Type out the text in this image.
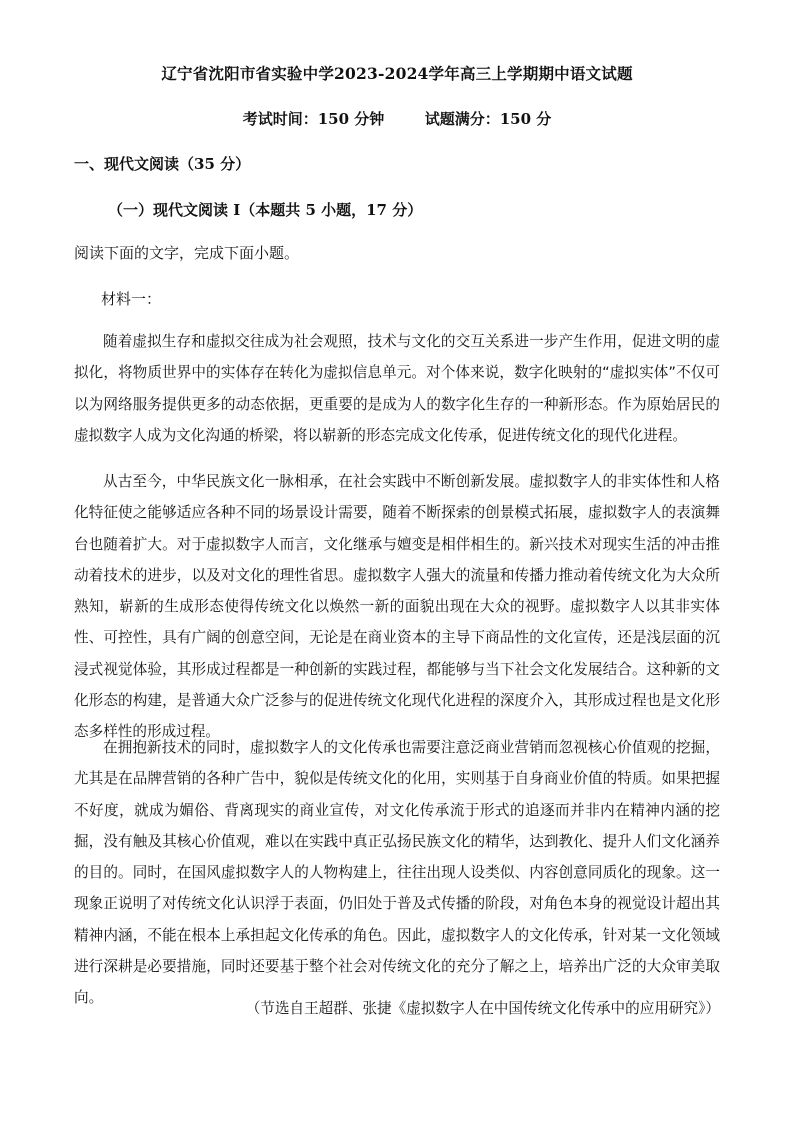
辽宁省沈阳市省实验中学2023-2024学年高三上学期期中语文试题
考试时间：150 分钟	试题满分：150 分
一、现代文阅读（35 分）
（一）现代文阅读 I（本题共 5 小题，17 分）
阅读下面的文字，完成下面小题。
材料一：

随着虚拟生存和虚拟交往成为社会观照，技术与文化的交互关系进一步产生作用，促进文明的虚拟化，将物质世界中的实体存在转化为虚拟信息单元。对个体来说，数字化映射的“虚拟实体”不仅可以为网络服务提供更多的动态依据，更重要的是成为人的数字化生存的一种新形态。作为原始居民的虚拟数字人成为文化沟通的桥梁，将以崭新的形态完成文化传承，促进传统文化的现代化进程。

从古至今，中华民族文化一脉相承，在社会实践中不断创新发展。虚拟数字人的非实体性和人格化特征使之能够适应各种不同的场景设计需要，随着不断探索的创景模式拓展，虚拟数字人的表演舞台也随着扩大。对于虚拟数字人而言，文化继承与嬗变是相伴相生的。新兴技术对现实生活的冲击推动着技术的进步，以及对文化的理性省思。虚拟数字人强大的流量和传播力推动着传统文化为大众所熟知，崭新的生成形态使得传统文化以焕然一新的面貌出现在大众的视野。虚拟数字人以其非实体性、可控性，具有广阔的创意空间，无论是在商业资本的主导下商品性的文化宣传，还是浅层面的沉浸式视觉体验，其形成过程都是一种创新的实践过程，都能够与当下社会文化发展结合。这种新的文化形态的构建，是普通大众广泛参与的促进传统文化现代化进程的深度介入，其形成过程也是文化形态多样性的形成过程。

在拥抱新技术的同时，虚拟数字人的文化传承也需要注意泛商业营销而忽视核心价值观的挖掘，尤其是在品牌营销的各种广告中，貌似是传统文化的化用，实则基于自身商业价值的特质。如果把握不好度，就成为媚俗、背离现实的商业宣传，对文化传承流于形式的追逐而并非内在精神内涵的挖掘，没有触及其核心价值观，难以在实践中真正弘扬民族文化的精华，达到教化、提升人们文化涵养的目的。同时，在国风虚拟数字人的人物构建上，往往出现人设类似、内容创意同质化的现象。这一现象正说明了对传统文化认识浮于表面，仍旧处于普及式传播的阶段，对角色本身的视觉设计超出其精神内涵，不能在根本上承担起文化传承的角色。因此，虚拟数字人的文化传承，针对某一文化领域进行深耕是必要措施，同时还要基于整个社会对传统文化的充分了解之上，培养出广泛的大众审美取向。

（节选自王超群、张捷《虚拟数字人在中国传统文化传承中的应用研究》）
